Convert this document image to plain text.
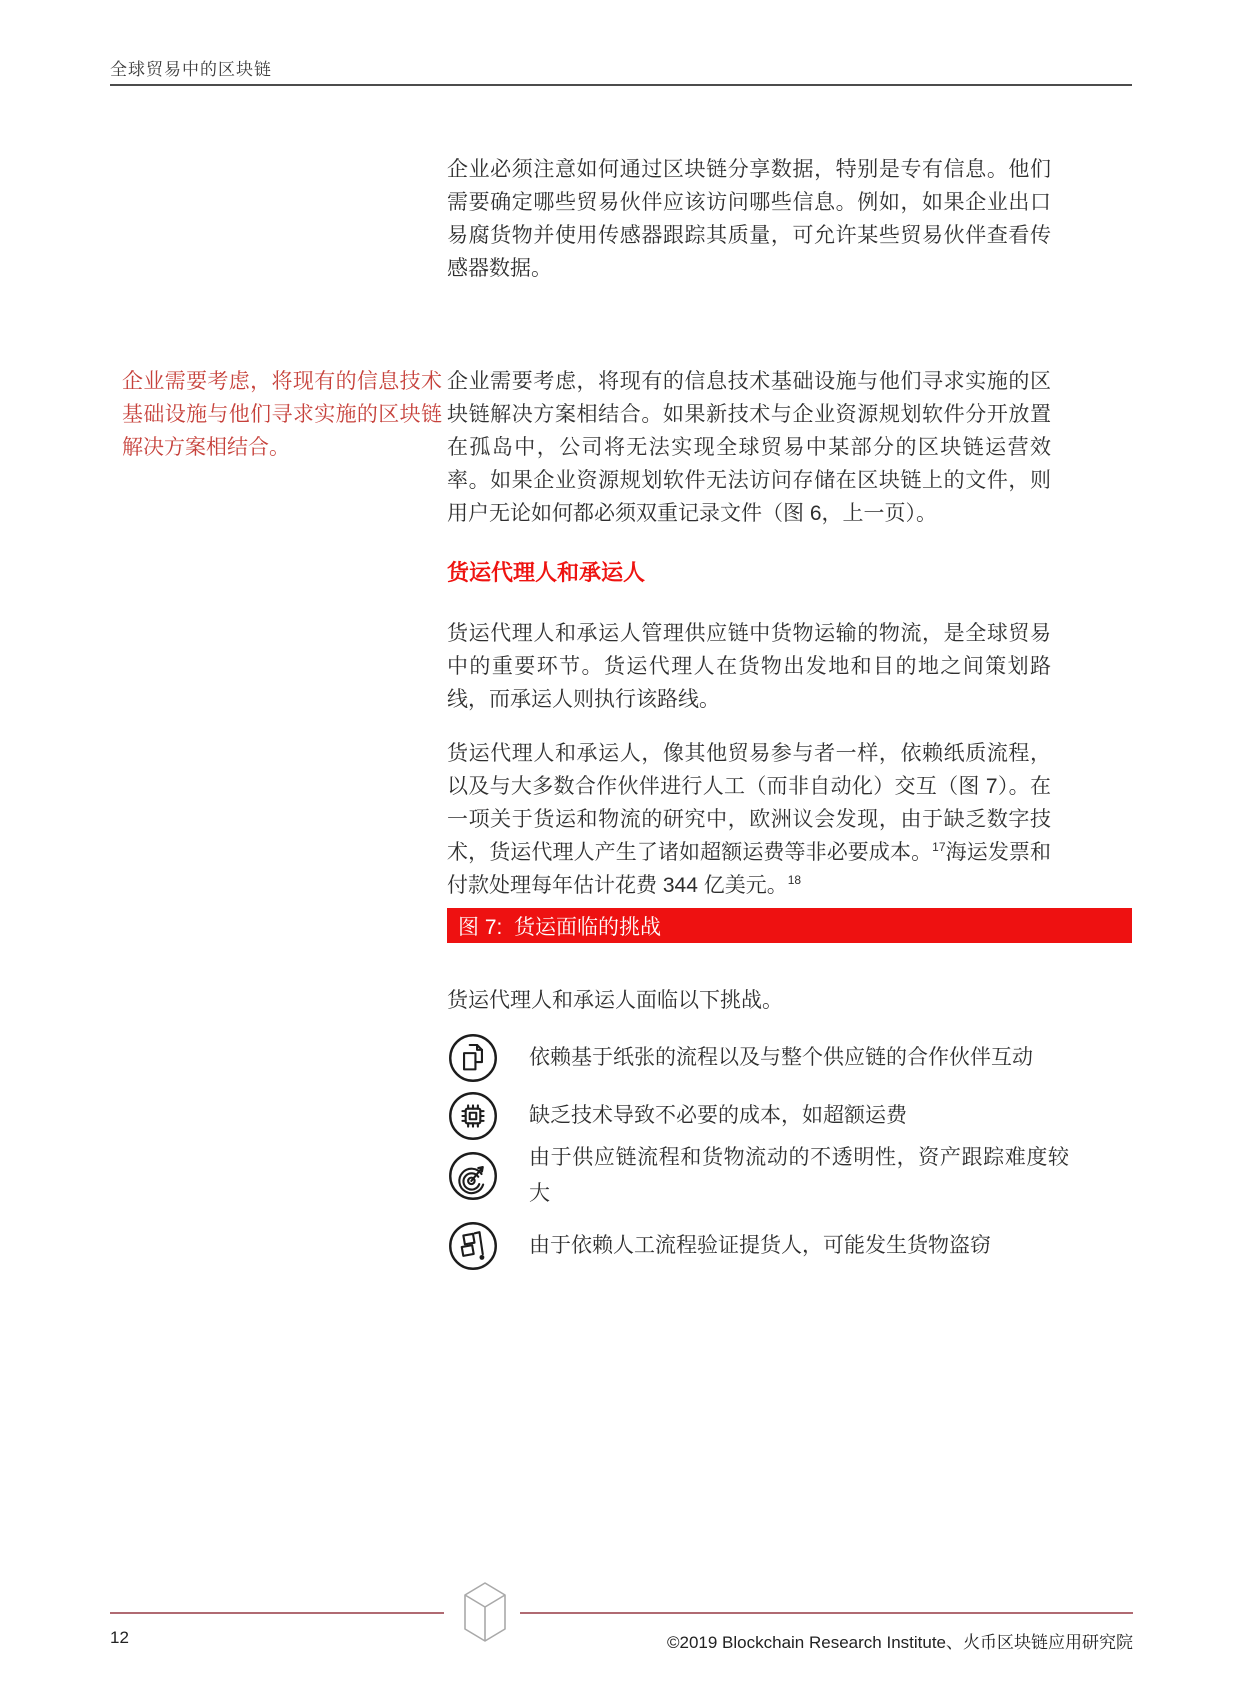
全球贸易中的区块链

企业必须注意如何通过区块链分享数据，特别是专有信息。他们需要确定哪些贸易伙伴应该访问哪些信息。例如，如果企业出口易腐货物并使用传感器跟踪其质量，可允许某些贸易伙伴查看传感器数据。

企业需要考虑，将现有的信息技术基础设施与他们寻求实施的区块链解决方案相结合。

企业需要考虑，将现有的信息技术基础设施与他们寻求实施的区块链解决方案相结合。如果新技术与企业资源规划软件分开放置在孤岛中，公司将无法实现全球贸易中某部分的区块链运营效率。如果企业资源规划软件无法访问存储在区块链上的文件，则用户无论如何都必须双重记录文件（图 6，上一页）。

货运代理人和承运人

货运代理人和承运人管理供应链中货物运输的物流，是全球贸易中的重要环节。货运代理人在货物出发地和目的地之间策划路线，而承运人则执行该路线。

货运代理人和承运人，像其他贸易参与者一样，依赖纸质流程，以及与大多数合作伙伴进行人工（而非自动化）交互（图 7）。在一项关于货运和物流的研究中，欧洲议会发现，由于缺乏数字技术，货运代理人产生了诸如超额运费等非必要成本。$^{17}$海运发票和付款处理每年估计花费 344 亿美元。$^{18}$

图 7:  货运面临的挑战

货运代理人和承运人面临以下挑战。

依赖基于纸张的流程以及与整个供应链的合作伙伴互动
缺乏技术导致不必要的成本，如超额运费
由于供应链流程和货物流动的不透明性，资产跟踪难度较大
由于依赖人工流程验证提货人，可能发生货物盗窃
12	©2019 Blockchain Research Institute、火币区块链应用研究院
